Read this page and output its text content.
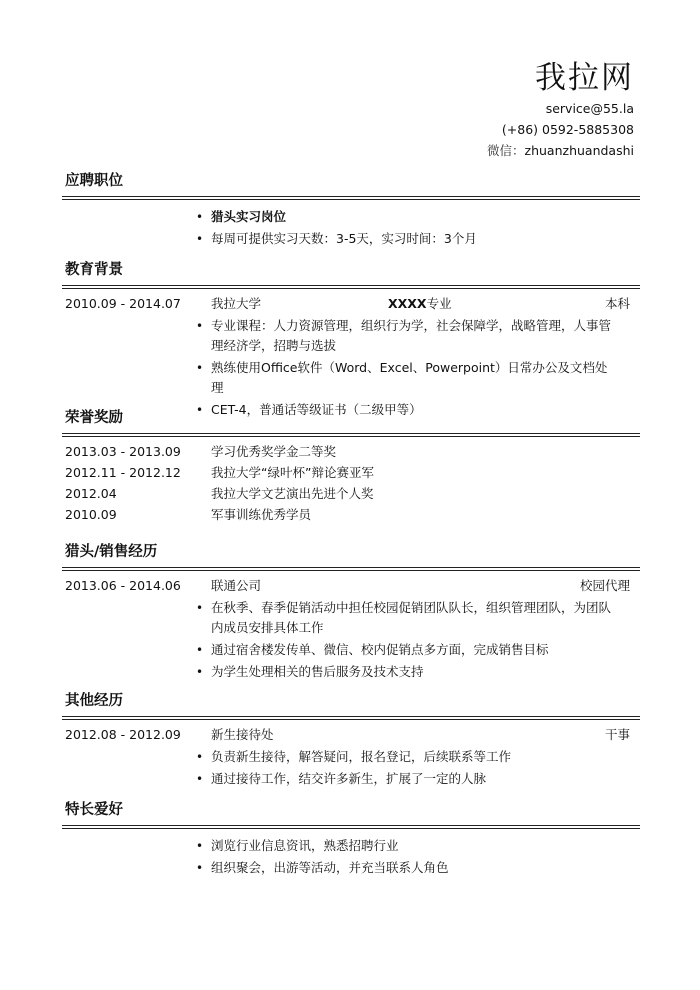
我拉网
service@55.la
(+86) 0592-5885308
微信：zhuanzhuandashi
应聘职位
• 猎头实习岗位
• 每周可提供实习天数：3-5天，实习时间：3个月
教育背景
2010.09 - 2014.07 我拉大学	XXXX专业	本科
• 专业课程：人力资源管理，组织行为学，社会保障学，战略管理，人事管理经济学，招聘与选拔
• 熟练使用Office软件（Word、Excel、Powerpoint）日常办公及文档处理
• CET-4，普通话等级证书（二级甲等）
荣誉奖励
2013.03 - 2013.09 学习优秀奖学金二等奖
2012.11 - 2012.12 我拉大学“绿叶杯”辩论赛亚军
2012.04	我拉大学文艺演出先进个人奖
2010.09	军事训练优秀学员
猎头/销售经历
2013.06 - 2014.06 联通公司	校园代理
• 在秋季、春季促销活动中担任校园促销团队队长，组织管理团队，为团队内成员安排具体工作
• 通过宿舍楼发传单、微信、校内促销点多方面，完成销售目标
• 为学生处理相关的售后服务及技术支持
其他经历
2012.08 - 2012.09 新生接待处	干事
• 负责新生接待，解答疑问，报名登记，后续联系等工作
• 通过接待工作，结交许多新生，扩展了一定的人脉
特长爱好
• 浏览行业信息资讯，熟悉招聘行业
• 组织聚会，出游等活动，并充当联系人角色
